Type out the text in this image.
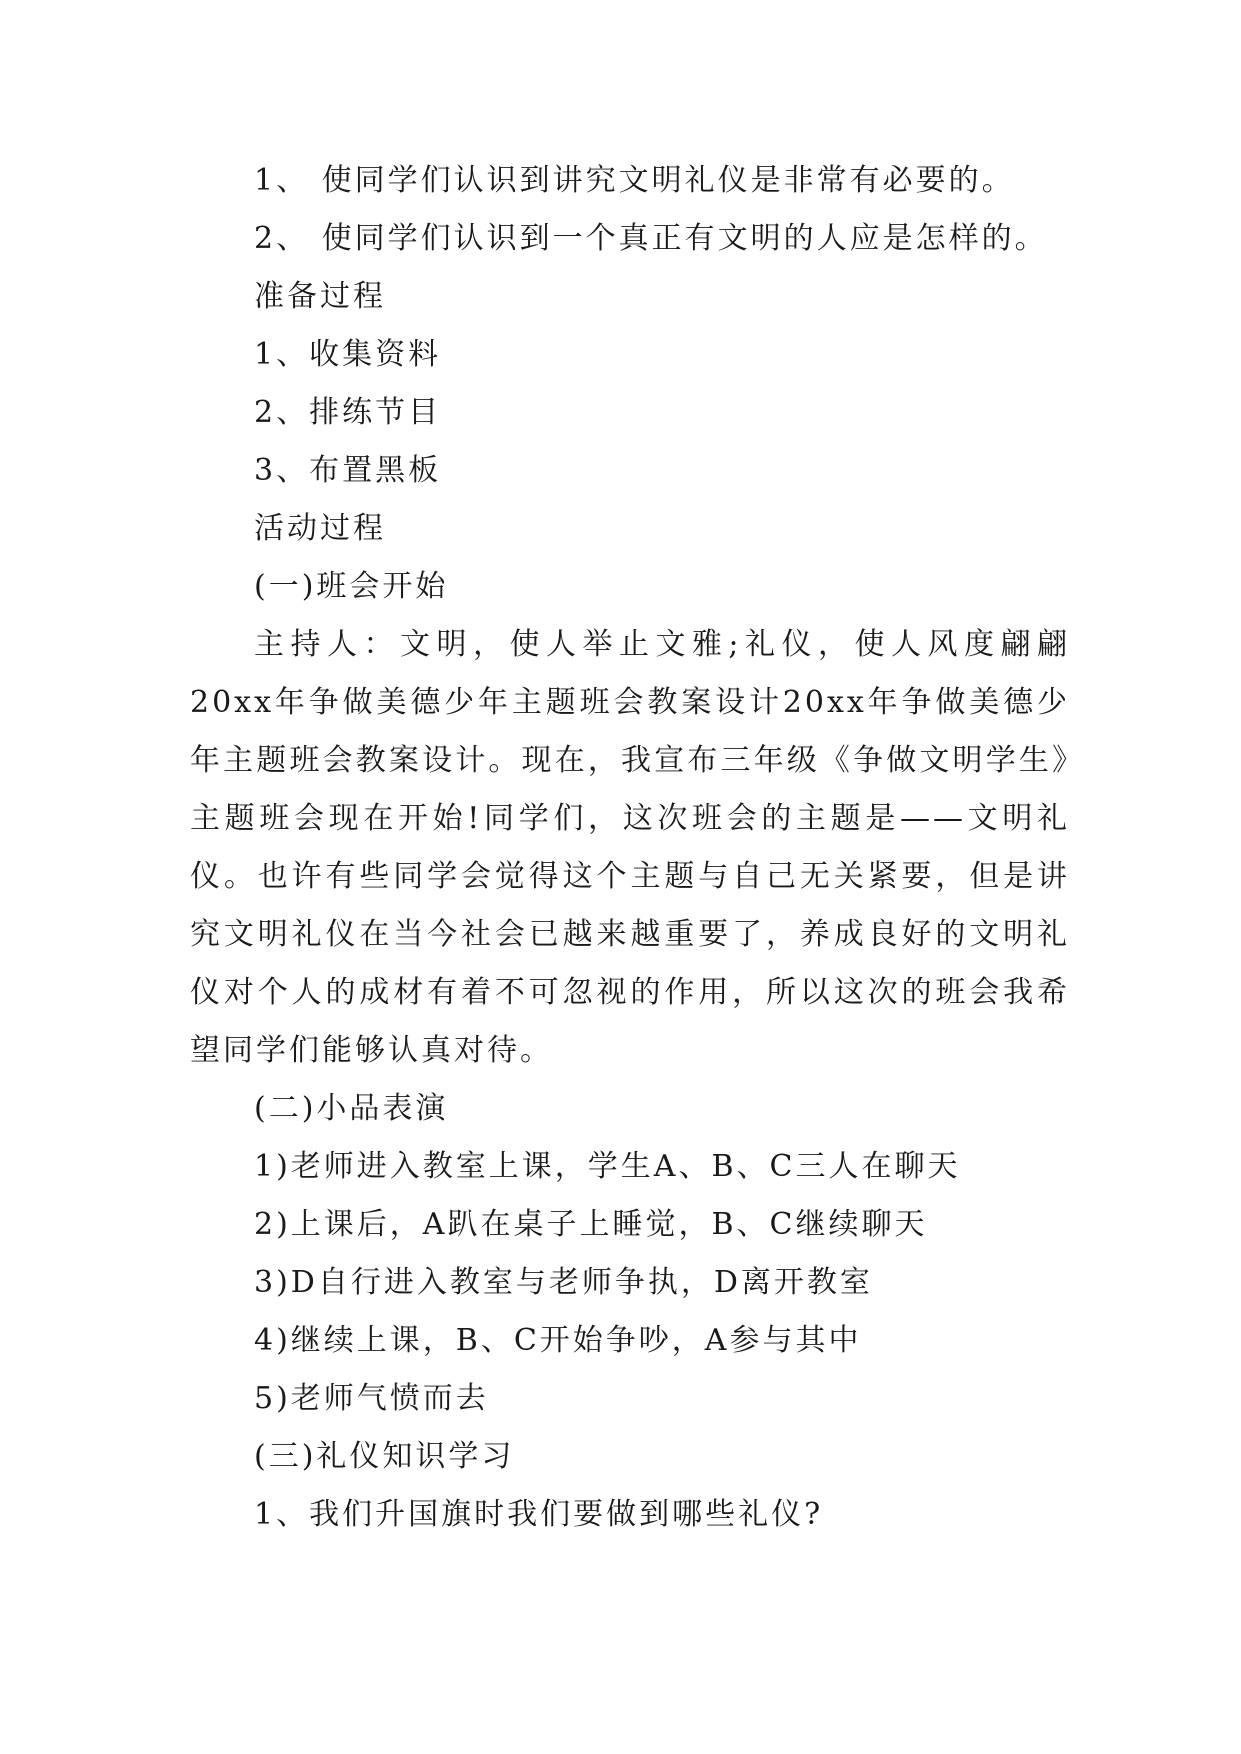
1、 使同学们认识到讲究文明礼仪是非常有必要的。

2、 使同学们认识到一个真正有文明的人应是怎样的。

准备过程

1、收集资料

2、排练节目

3、布置黑板

活动过程

(一)班会开始

主持人：文明，使人举止文雅;礼仪，使人风度翩翩20xx年争做美德少年主题班会教案设计20xx年争做美德少年主题班会教案设计。现在，我宣布三年级《争做文明学生》主题班会现在开始!同学们，这次班会的主题是——文明礼仪。也许有些同学会觉得这个主题与自己无关紧要，但是讲究文明礼仪在当今社会已越来越重要了，养成良好的文明礼仪对个人的成材有着不可忽视的作用，所以这次的班会我希望同学们能够认真对待。

(二)小品表演

1)老师进入教室上课，学生A、B、C三人在聊天

2)上课后，A趴在桌子上睡觉，B、C继续聊天

3)D自行进入教室与老师争执，D离开教室

4)继续上课，B、C开始争吵，A参与其中

5)老师气愤而去

(三)礼仪知识学习

1、我们升国旗时我们要做到哪些礼仪?
